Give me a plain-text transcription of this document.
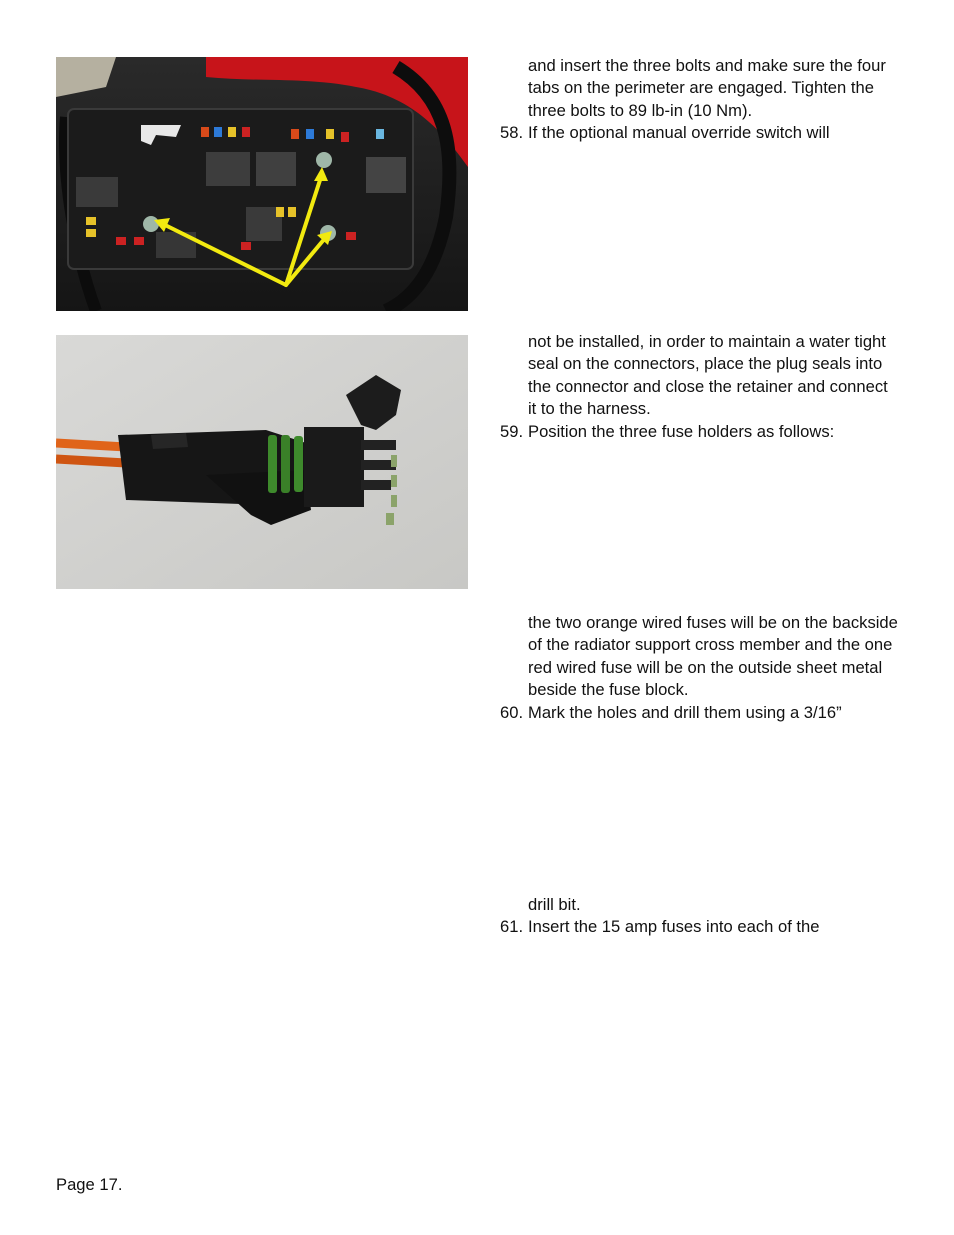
and insert the three bolts and make sure the four tabs on the perimeter are engaged. Tighten the three bolts to 89 lb-in (10 Nm).

58. If the optional manual override switch will

not be installed, in order to maintain a water tight seal on the connectors, place the plug seals into the connector and close the retainer and connect it to the harness.

59. Position the three fuse holders as follows:

the two orange wired fuses will be on the backside of the radiator support cross member and the one red wired fuse will be on the outside sheet metal beside the fuse block.

60. Mark the holes and drill them using a 3/16”

drill bit.

61. Insert the 15 amp fuses into each of the

Page 17.
